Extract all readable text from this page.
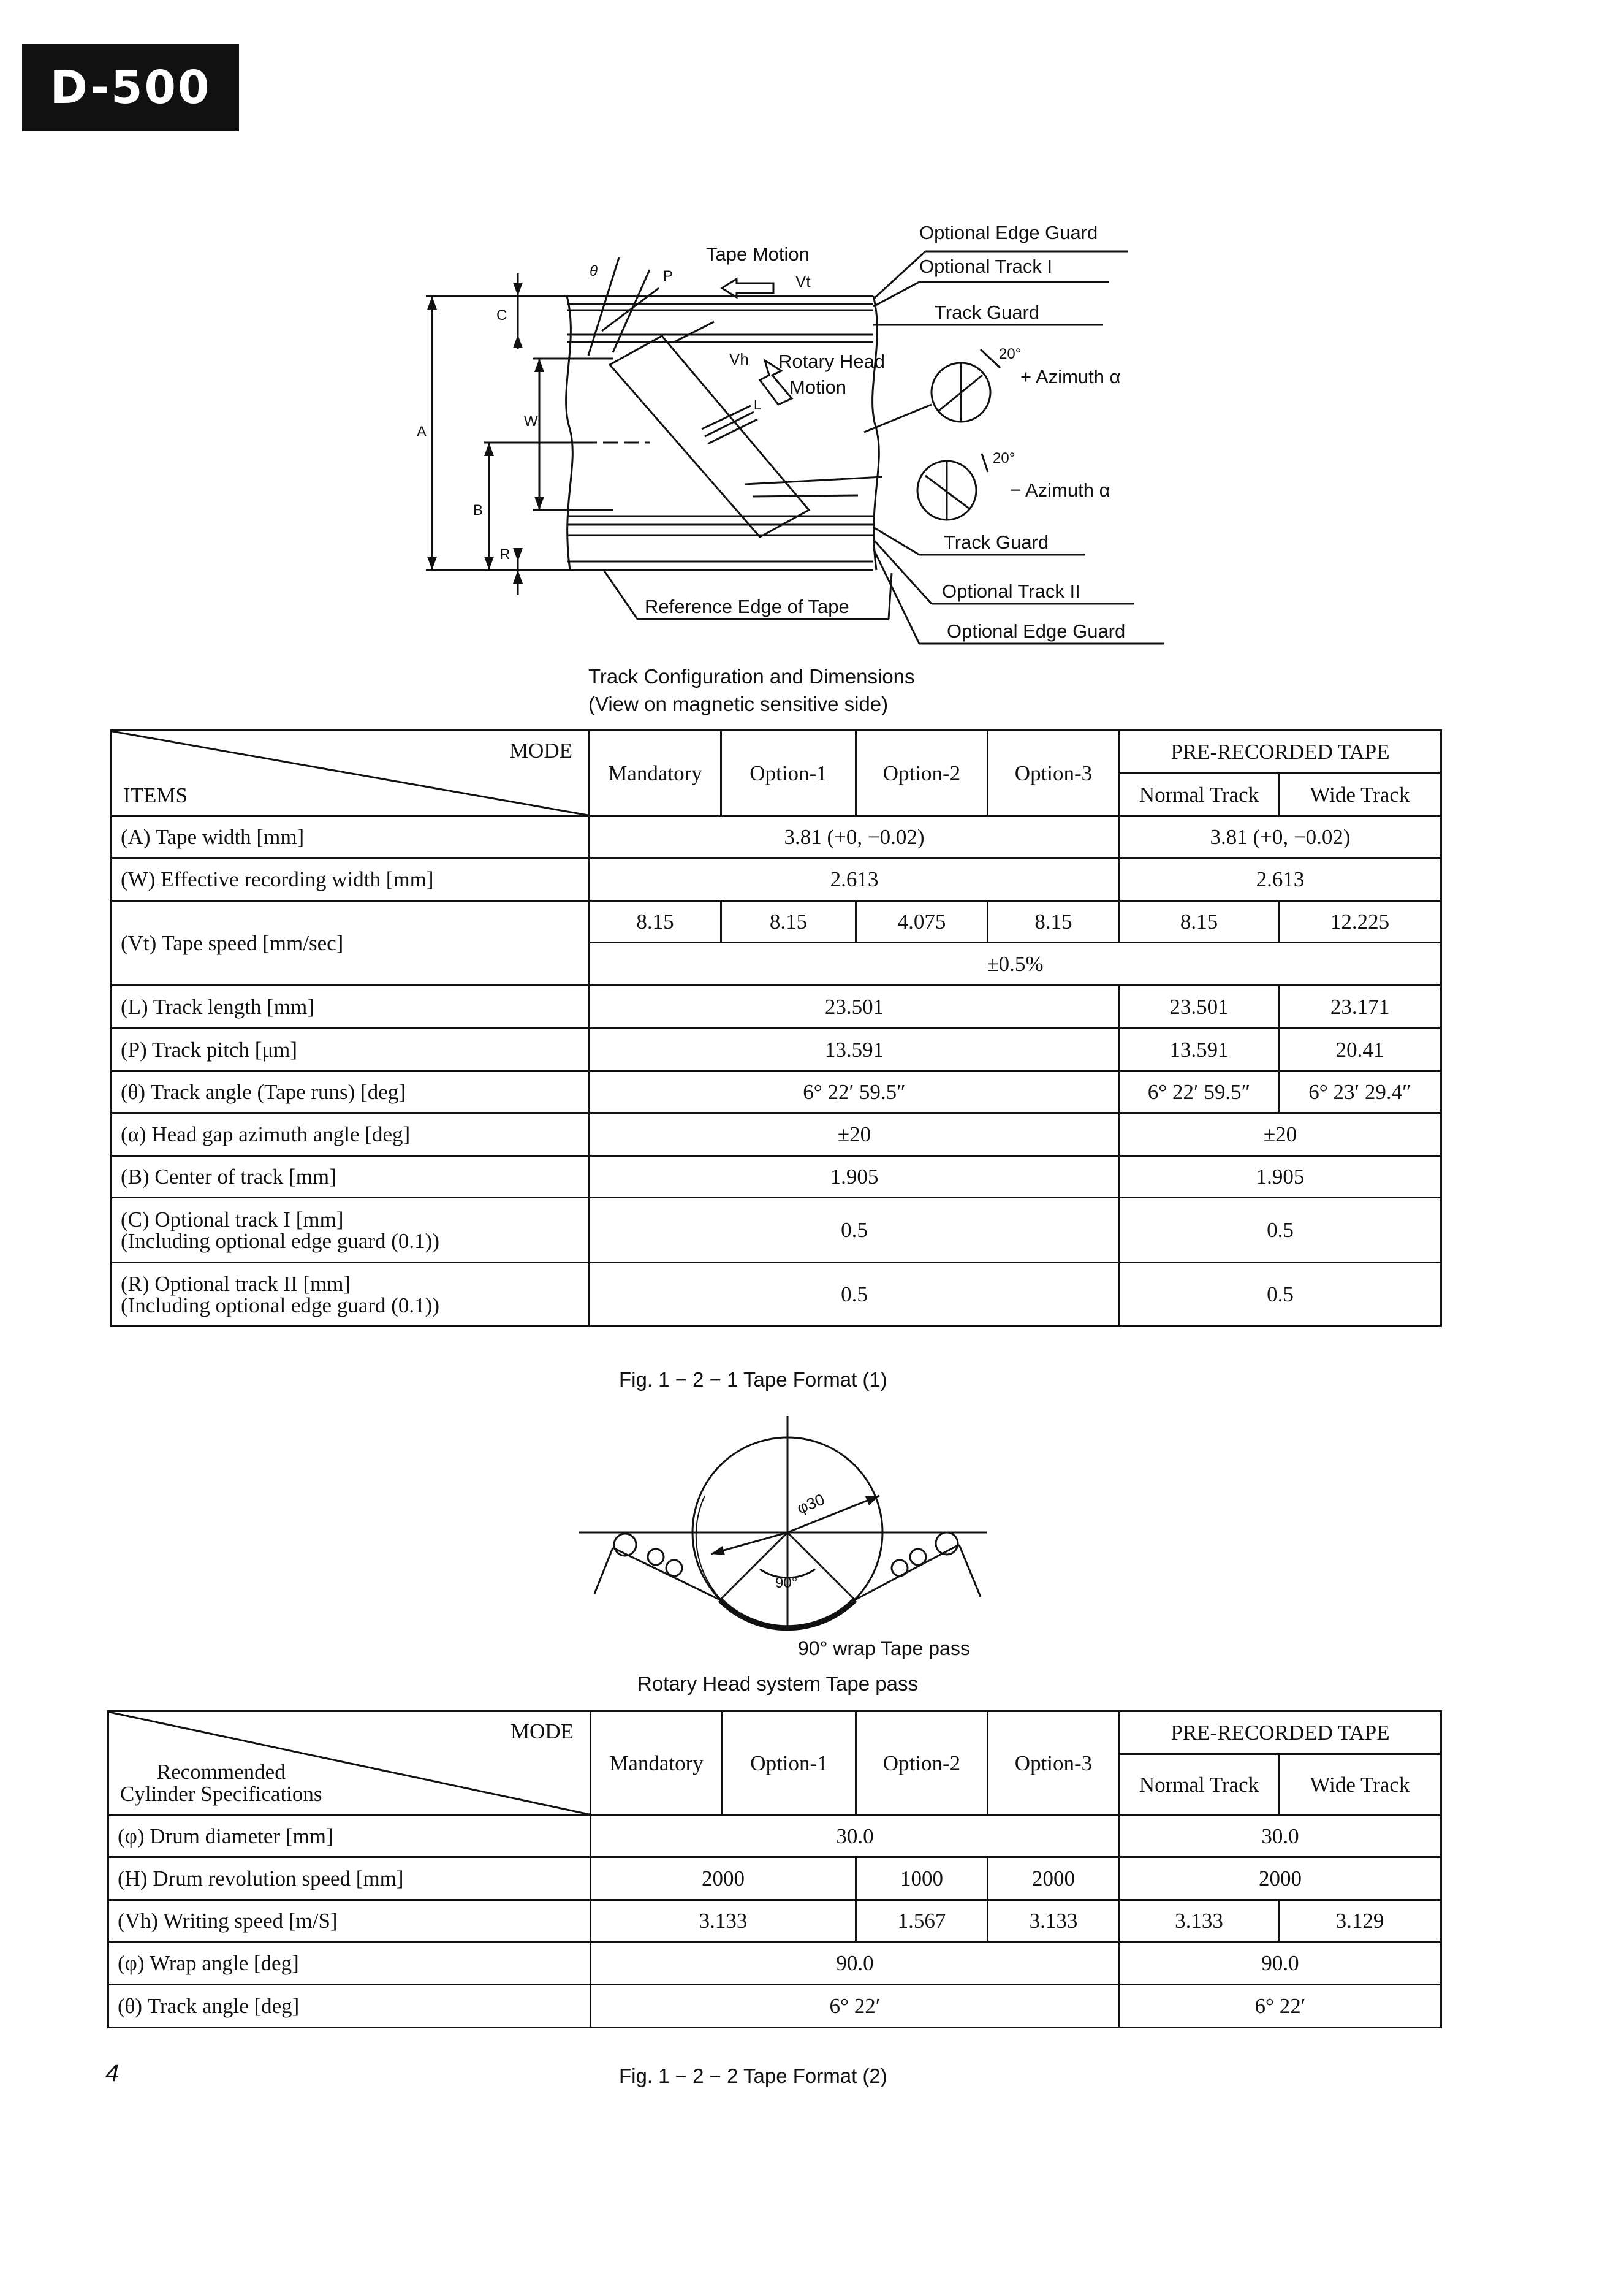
D-500
Tape Motion
Vt
Vh Rotary Head
Motion
Optional Edge Guard
Optional Track I
Track Guard
+ Azimuth α
20°
20°
− Azimuth α
Track Guard
Optional Track II
Optional Edge Guard
Reference Edge of Tape
A
C
W
B
R
L
P
θ
Track Configuration and Dimensions
(View on magnetic sensitive side)
MODE
ITEMS	Mandatory	Option-1	Option-2	Option-3	PRE-RECORDED TAPE	
					Normal Track	Wide Track
(A) Tape width [mm]	3.81 (+0, −0.02)				3.81 (+0, −0.02)	
(W) Effective recording width [mm]	2.613				2.613	
(Vt) Tape speed [mm/sec]	8.15	8.15	4.075	8.15	8.15	12.225
	±0.5%					
(L) Track length [mm]	23.501				23.501	23.171
(P) Track pitch [μm]	13.591				13.591	20.41
(θ) Track angle (Tape runs) [deg]	6° 22′ 59.5″				6° 22′ 59.5″	6° 23′ 29.4″
(α) Head gap azimuth angle [deg]	±20				±20	
(B) Center of track [mm]	1.905				1.905	

(C) Optional track I [mm]
(Including optional edge guard (0.1))	0.5				0.5	

(R) Optional track II [mm]
(Including optional edge guard (0.1))	0.5				0.5	
Fig. 1 − 2 − 1 Tape Format (1)
φ30
90°
90° wrap Tape pass
Rotary Head system Tape pass
MODE
Recommended
Cylinder Specifications	Mandatory	Option-1	Option-2	Option-3	PRE-RECORDED TAPE	
					Normal Track	Wide Track
(φ) Drum diameter [mm]	30.0				30.0	
(H) Drum revolution speed [mm]	2000		1000	2000	2000	
(Vh) Writing speed [m/S]	3.133		1.567	3.133	3.133	3.129
(φ) Wrap angle [deg]	90.0				90.0	
(θ) Track angle [deg]	6° 22′				6° 22′	
Fig. 1 − 2 − 2 Tape Format (2)
4
